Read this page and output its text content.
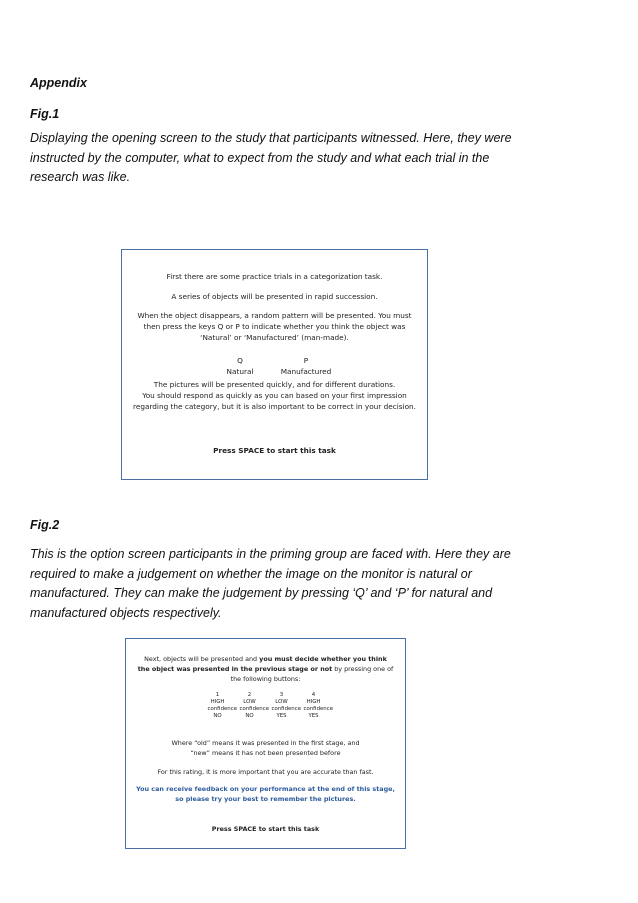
Appendix
Fig.1
Displaying the opening screen to the study that participants witnessed. Here, they were instructed by the computer, what to expect from the study and what each trial in the research was like.
First there are some practice trials in a categorization task.
A series of objects will be presented in rapid succession.
When the object disappears, a random pattern will be presented. You must
then press the keys Q or P to indicate whether you think the object was
‘Natural’ or ‘Manufactured’ (man-made).
Q
Natural
P
Manufactured
The pictures will be presented quickly, and for different durations.
You should respond as quickly as you can based on your first impression
regarding the category, but it is also important to be correct in your decision.
Press SPACE to start this task
Fig.2
This is the option screen participants in the priming group are faced with. Here they are required to make a judgement on whether the image on the monitor is natural or manufactured. They can make the judgement by pressing ‘Q’ and ‘P’ for natural and manufactured objects respectively.
Next, objects will be presented and you must decide whether you think
the object was presented in the previous stage or not by pressing one of
the following buttons:
1
HIGH
confidence
NO
2
LOW
confidence
NO
3
LOW
confidence
YES
4
HIGH
confidence
YES
Where “old” means it was presented in the first stage, and
“new” means it has not been presented before
For this rating, it is more important that you are accurate than fast.
You can receive feedback on your performance at the end of this stage,
so please try your best to remember the pictures.
Press SPACE to start this task
